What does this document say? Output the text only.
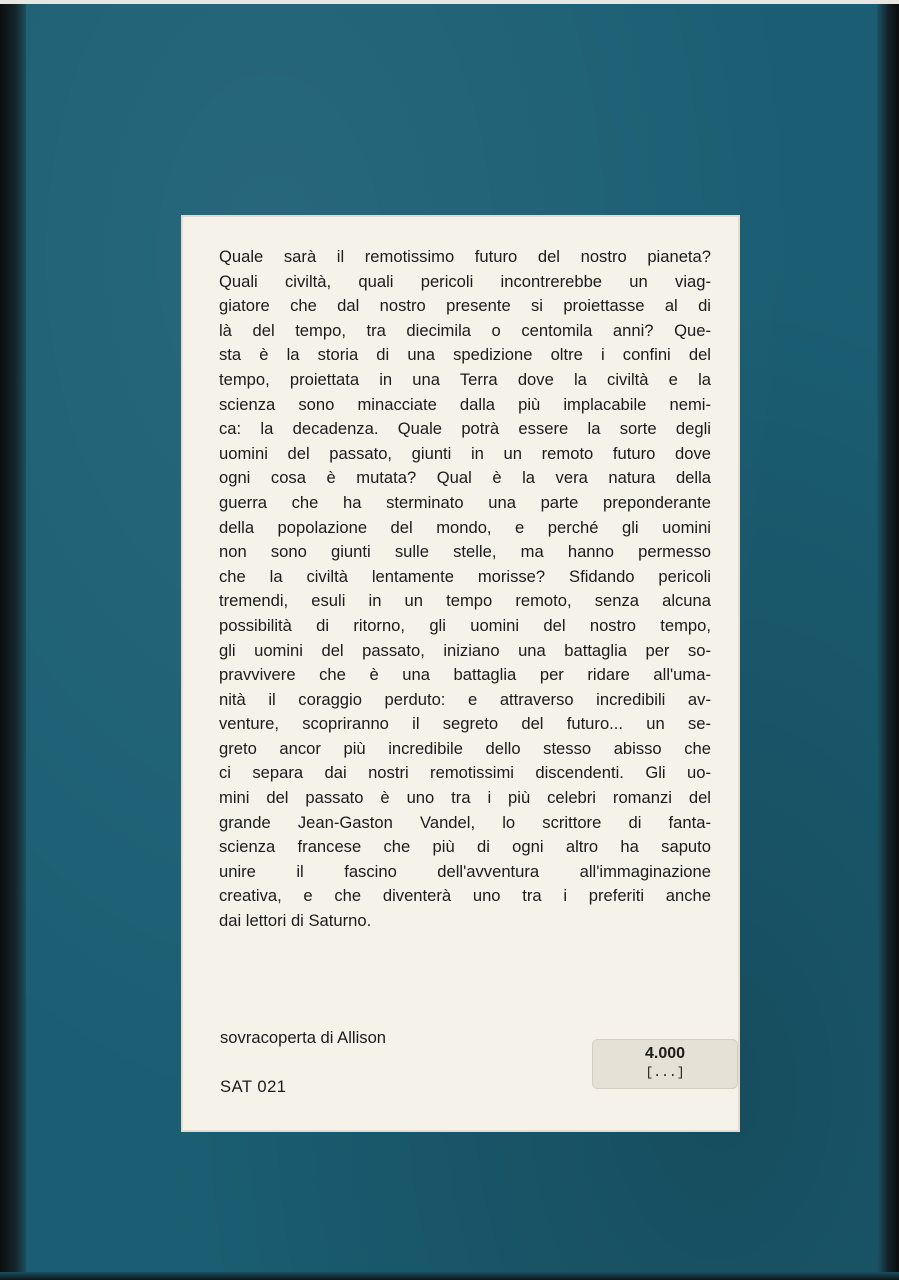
Quale sarà il remotissimo futuro del nostro pianeta?
Quali civiltà, quali pericoli incontrerebbe un viag-
giatore che dal nostro presente si proiettasse al di
là del tempo, tra diecimila o centomila anni? Que-
sta è la storia di una spedizione oltre i confini del
tempo, proiettata in una Terra dove la civiltà e la
scienza sono minacciate dalla più implacabile nemi-
ca: la decadenza. Quale potrà essere la sorte degli
uomini del passato, giunti in un remoto futuro dove
ogni cosa è mutata? Qual è la vera natura della
guerra che ha sterminato una parte preponderante
della popolazione del mondo, e perché gli uomini
non sono giunti sulle stelle, ma hanno permesso
che la civiltà lentamente morisse? Sfidando pericoli
tremendi, esuli in un tempo remoto, senza alcuna
possibilità di ritorno, gli uomini del nostro tempo,
gli uomini del passato, iniziano una battaglia per so-
pravvivere che è una battaglia per ridare all'uma-
nità il coraggio perduto: e attraverso incredibili av-
venture, scopriranno il segreto del futuro... un se-
greto ancor più incredibile dello stesso abisso che
ci separa dai nostri remotissimi discendenti. Gli uo-
mini del passato è uno tra i più celebri romanzi del
grande Jean-Gaston Vandel, lo scrittore di fanta-
scienza francese che più di ogni altro ha saputo
unire il fascino dell'avventura all'immaginazione
creativa, e che diventerà uno tra i preferiti anche
dai lettori di Saturno.

sovracoperta di Allison
SAT 021
4.000
[...]
